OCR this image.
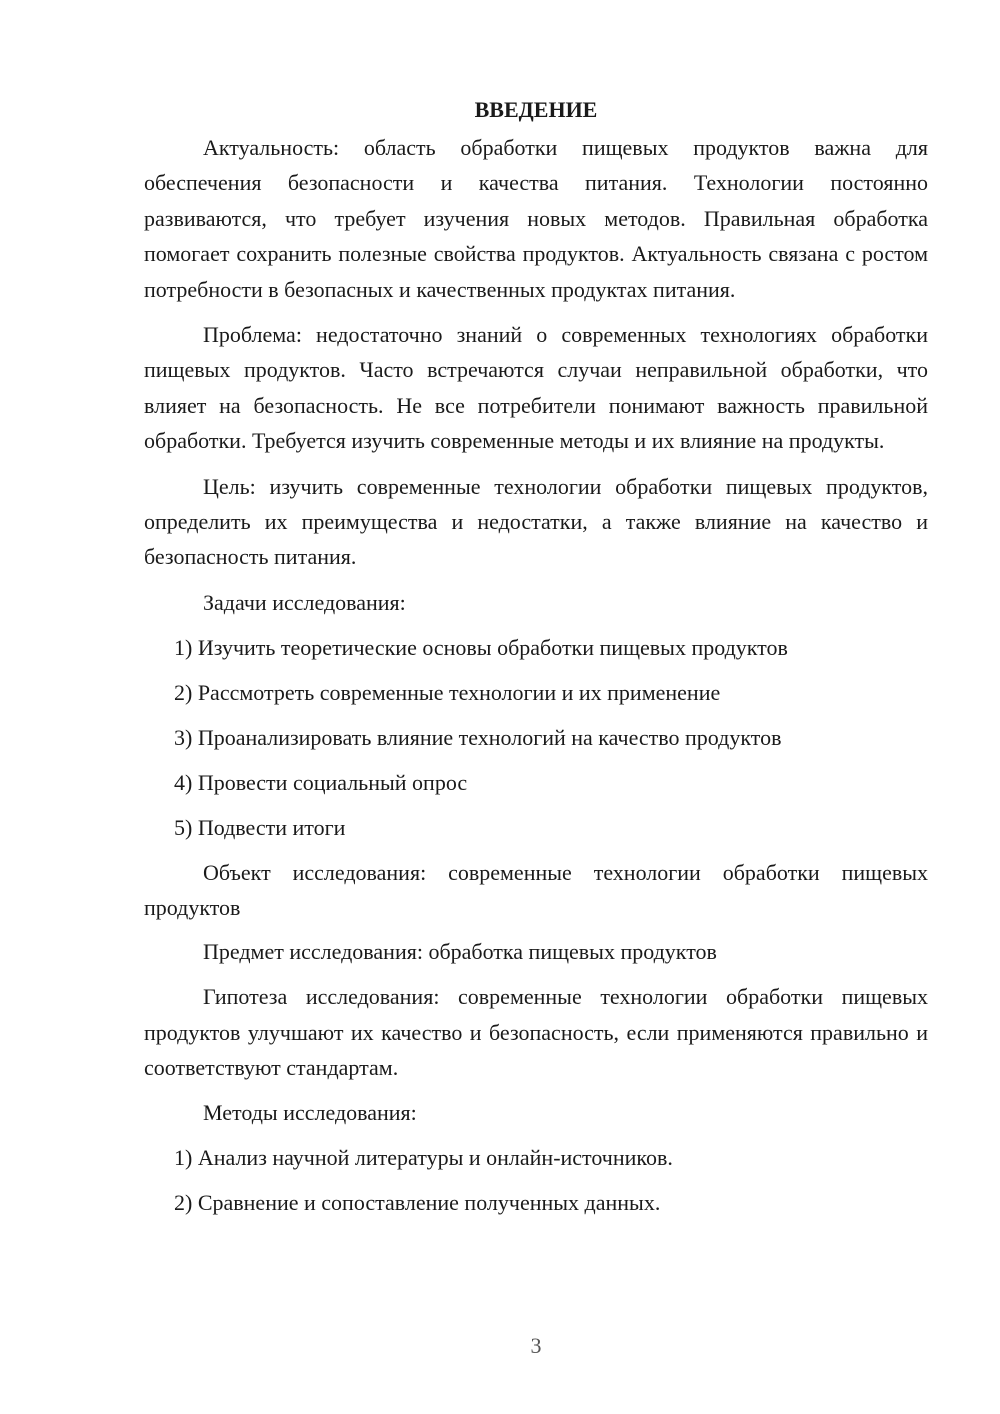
ВВЕДЕНИЕ

Актуальность: область обработки пищевых продуктов важна для обеспечения безопасности и качества питания. Технологии постоянно развиваются, что требует изучения новых методов. Правильная обработка помогает сохранить полезные свойства продуктов. Актуальность связана с ростом потребности в безопасных и качественных продуктах питания.

Проблема: недостаточно знаний о современных технологиях обработки пищевых продуктов. Часто встречаются случаи неправильной обработки, что влияет на безопасность. Не все потребители понимают важность правильной обработки. Требуется изучить современные методы и их влияние на продукты.

Цель: изучить современные технологии обработки пищевых продуктов, определить их преимущества и недостатки, а также влияние на качество и безопасность питания.

Задачи исследования:
1) Изучить теоретические основы обработки пищевых продуктов
2) Рассмотреть современные технологии и их применение
3) Проанализировать влияние технологий на качество продуктов
4) Провести социальный опрос
5) Подвести итоги

Объект исследования: современные технологии обработки пищевых продуктов

Предмет исследования: обработка пищевых продуктов

Гипотеза исследования: современные технологии обработки пищевых продуктов улучшают их качество и безопасность, если применяются правильно и соответствуют стандартам.

Методы исследования:
1) Анализ научной литературы и онлайн-источников.
2) Сравнение и сопоставление полученных данных.
3
